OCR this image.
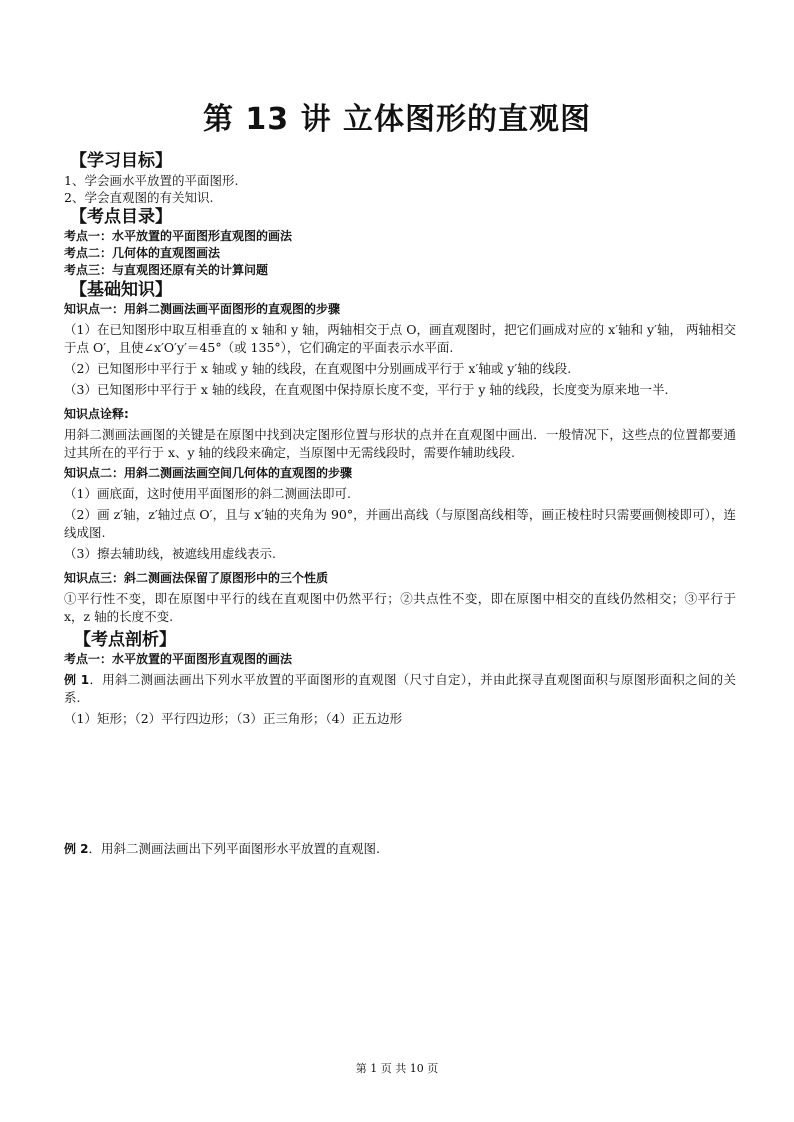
第 13 讲 立体图形的直观图
【学习目标】

1、学会画水平放置的平面图形.

2、学会直观图的有关知识.

【考点目录】

考点一：水平放置的平面图形直观图的画法

考点二：几何体的直观图画法

考点三：与直观图还原有关的计算问题

【基础知识】

知识点一：用斜二测画法画平面图形的直观图的步骤

（1）在已知图形中取互相垂直的 x 轴和 y 轴，两轴相交于点 O，画直观图时，把它们画成对应的 x′轴和 y′轴， 两轴相交于点 O′，且使∠x′O′y′＝45°（或 135°），它们确定的平面表示水平面.

（2）已知图形中平行于 x 轴或 y 轴的线段，在直观图中分别画成平行于 x′轴或 y′轴的线段.

（3）已知图形中平行于 x 轴的线段，在直观图中保持原长度不变，平行于 y 轴的线段，长度变为原来地一半.

知识点诠释:

用斜二测画法画图的关键是在原图中找到决定图形位置与形状的点并在直观图中画出．一般情况下，这些点的位置都要通过其所在的平行于 x、y 轴的线段来确定，当原图中无需线段时，需要作辅助线段.

知识点二：用斜二测画法画空间几何体的直观图的步骤

（1）画底面，这时使用平面图形的斜二测画法即可.

（2）画 z′轴，z′轴过点 O′，且与 x′轴的夹角为 90°，并画出高线（与原图高线相等，画正棱柱时只需要画侧棱即可），连线成图.

（3）擦去辅助线，被遮线用虚线表示.

知识点三：斜二测画法保留了原图形中的三个性质

①平行性不变，即在原图中平行的线在直观图中仍然平行；②共点性不变，即在原图中相交的直线仍然相交；③平行于 x，z 轴的长度不变.

【考点剖析】

考点一：水平放置的平面图形直观图的画法

例 1．用斜二测画法画出下列水平放置的平面图形的直观图（尺寸自定），并由此探寻直观图面积与原图形面积之间的关系.

（1）矩形；（2）平行四边形；（3）正三角形；（4）正五边形

例 2．用斜二测画法画出下列平面图形水平放置的直观图.

第 1 页 共 10 页
